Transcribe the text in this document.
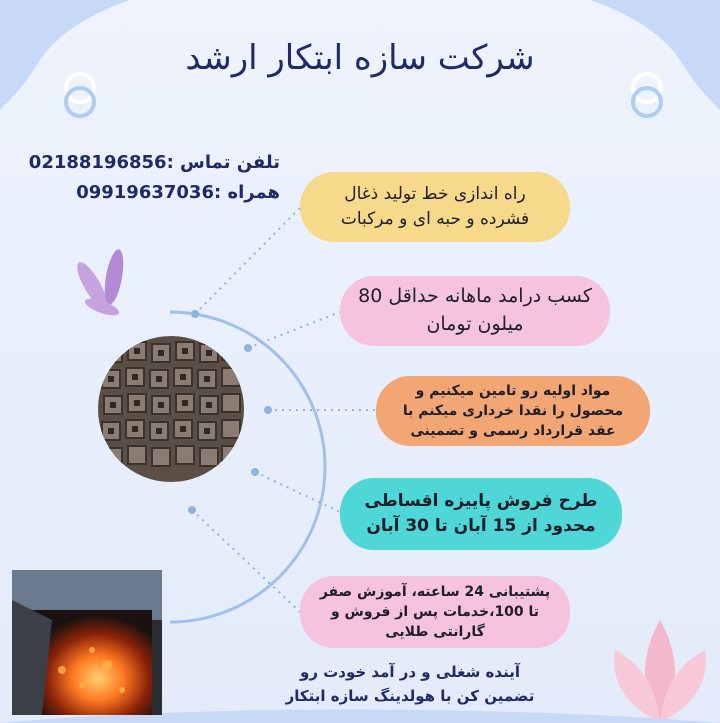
شرکت سازه ابتکار ارشد
تلفن تماس :02188196856
همراه :09919637036	راه اندازی خط تولید ذغال فشرده و حبه ای و مرکبات
کسب درامد ماهانه حداقل 80 میلون تومان
مواد اولیه رو تامین میکنیم و محصول را نقدا خرداری میکنم با عقد قرارداد رسمی و تضمینی
طرح فروش پاییزه اقساطی محدود از 15 آبان تا 30 آبان
پشتیبانی 24 ساعته، آموزش صفر تا 100،خدمات پس از فروش و گارانتی طلایی
آینده شغلی و در آمد خودت رو
تضمین کن با هولدینگ سازه ابتکار
